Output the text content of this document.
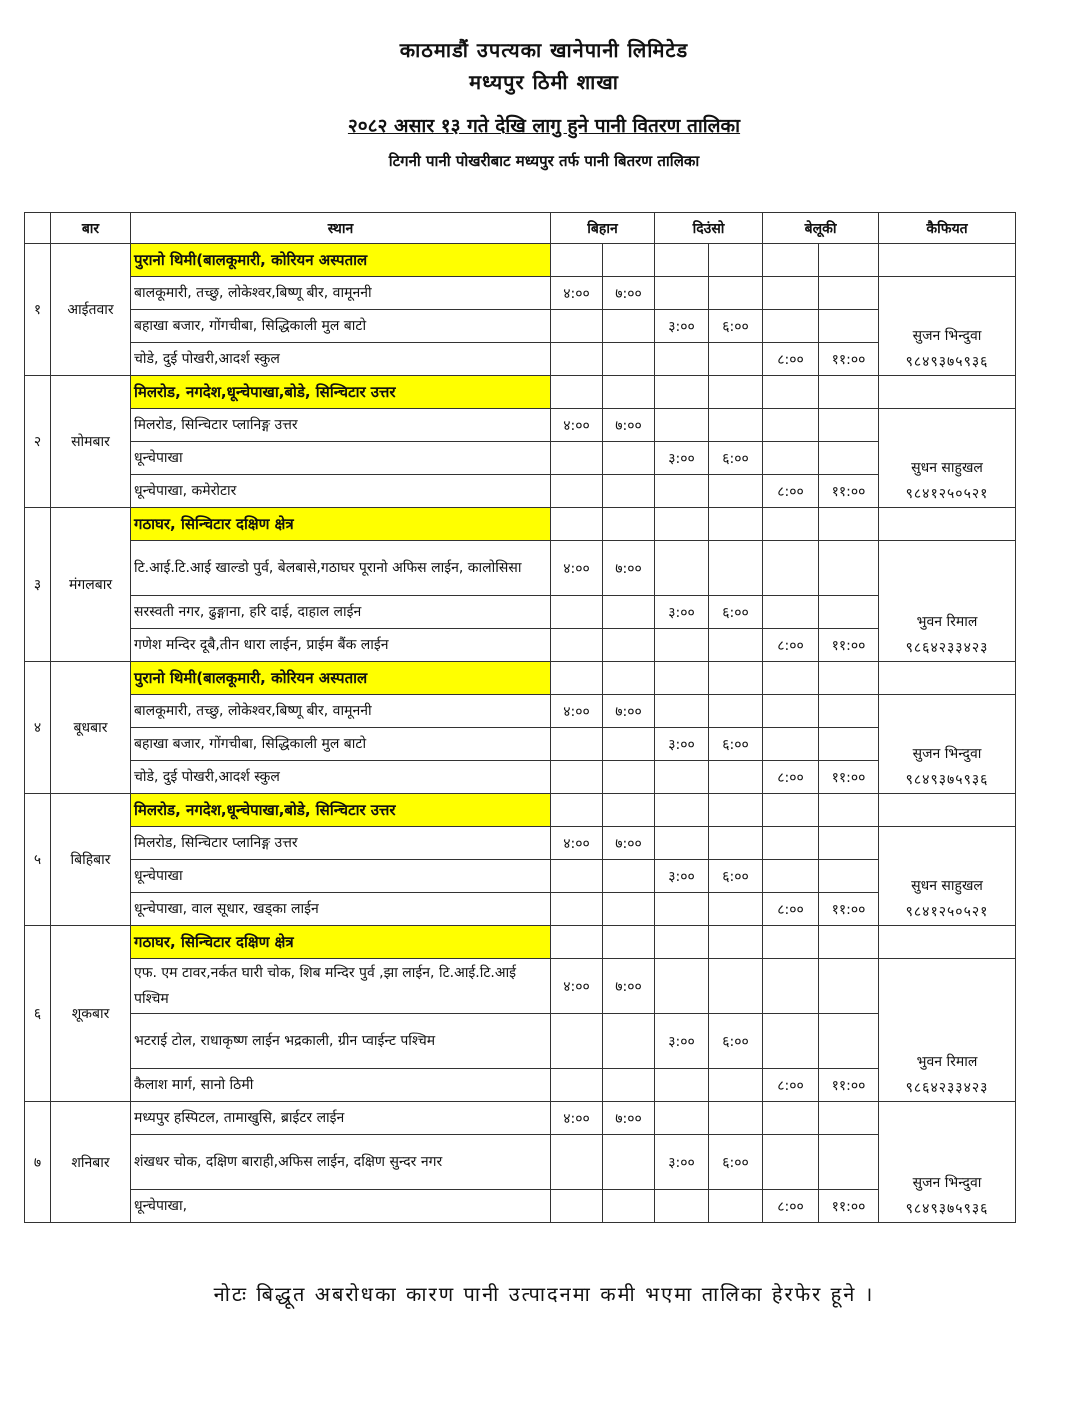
काठमाडौं उपत्यका खानेपानी लिमिटेड
मध्यपुर ठिमी शाखा
२०८२ असार १३ गते देखि लागु हुने पानी वितरण तालिका
टिगनी पानी पोखरीबाट मध्यपुर तर्फ पानी बितरण तालिका
	बार	स्थान	बिहान		दिउंसो		बेलूकी		कैफियत
१	आईतवार	पुरानो थिमी(बालकूमारी, कोरियन अस्पताल							
		बालकूमारी, तच्छु, लोकेश्वर,बिष्णू बीर, वामूननी	४:००	७:००					सुजन भिन्दुवा
९८४९३७५९३६

		बहाखा बजार, गोंगचीबा, सिद्धिकाली मुल बाटो			३:००	६:००			
		चोडे, दुई पोखरी,आदर्श स्कुल					८:००	११:००	
२	सोमबार	मिलरोड, नगदेश,धून्चेपाखा,बोडे, सिन्चिटार उत्तर							
		मिलरोड, सिन्चिटार प्लानिङ्ग उत्तर	४:००	७:००					सुधन साहुखल
९८४१२५०५२१

		धून्चेपाखा			३:००	६:००			
		धून्चेपाखा, कमेरोटार					८:००	११:००	
३	मंगलबार	गठाघर, सिन्चिटार दक्षिण क्षेत्र							
		टि.आई.टि.आई खाल्डो पुर्व, बेलबासे,गठाघर पूरानो अफिस लाईन, कालोसिसा	४:००	७:००					भुवन रिमाल
९८६४२३३४२३

		सरस्वती नगर, ढुङ्गाना, हरि दाई, दाहाल लाईन			३:००	६:००			
		गणेश मन्दिर दूबै,तीन धारा लाईन, प्राईम बैंक लाईन					८:००	११:००	
४	बूधबार	पुरानो थिमी(बालकूमारी, कोरियन अस्पताल							
		बालकूमारी, तच्छु, लोकेश्वर,बिष्णू बीर, वामूननी	४:००	७:००					सुजन भिन्दुवा
९८४९३७५९३६

		बहाखा बजार, गोंगचीबा, सिद्धिकाली मुल बाटो			३:००	६:००			
		चोडे, दुई पोखरी,आदर्श स्कुल					८:००	११:००	
५	बिहिबार	मिलरोड, नगदेश,धून्चेपाखा,बोडे, सिन्चिटार उत्तर							
		मिलरोड, सिन्चिटार प्लानिङ्ग उत्तर	४:००	७:००					सुधन साहुखल
९८४१२५०५२१

		धून्चेपाखा			३:००	६:००			
		धून्चेपाखा, वाल सूधार, खड्का लाईन					८:००	११:००	
६	शूकबार	गठाघर, सिन्चिटार दक्षिण क्षेत्र							
		एफ. एम टावर,नर्कत घारी चोक, शिब मन्दिर पुर्व ,झा लाईन, टि.आई.टि.आई पश्चिम	४:००	७:००					भुवन रिमाल
९८६४२३३४२३

		भटराई टोल, राधाकृष्ण लाईन भद्रकाली, ग्रीन प्वाईन्ट पश्चिम			३:००	६:००			
		कैलाश मार्ग, सानो ठिमी					८:००	११:००	
७	शनिबार	मध्यपुर हस्पिटल, तामाखुसि, ब्राईटर लाईन	४:००	७:००					सुजन भिन्दुवा
९८४९३७५९३६

		शंखधर चोक, दक्षिण बाराही,अफिस लाईन, दक्षिण सुन्दर नगर			३:००	६:००			
		धून्चेपाखा,					८:००	११:००	
नोटः बिद्धूत अबरोधका कारण पानी उत्पादनमा कमी भएमा तालिका हेरफेर हूने ।
